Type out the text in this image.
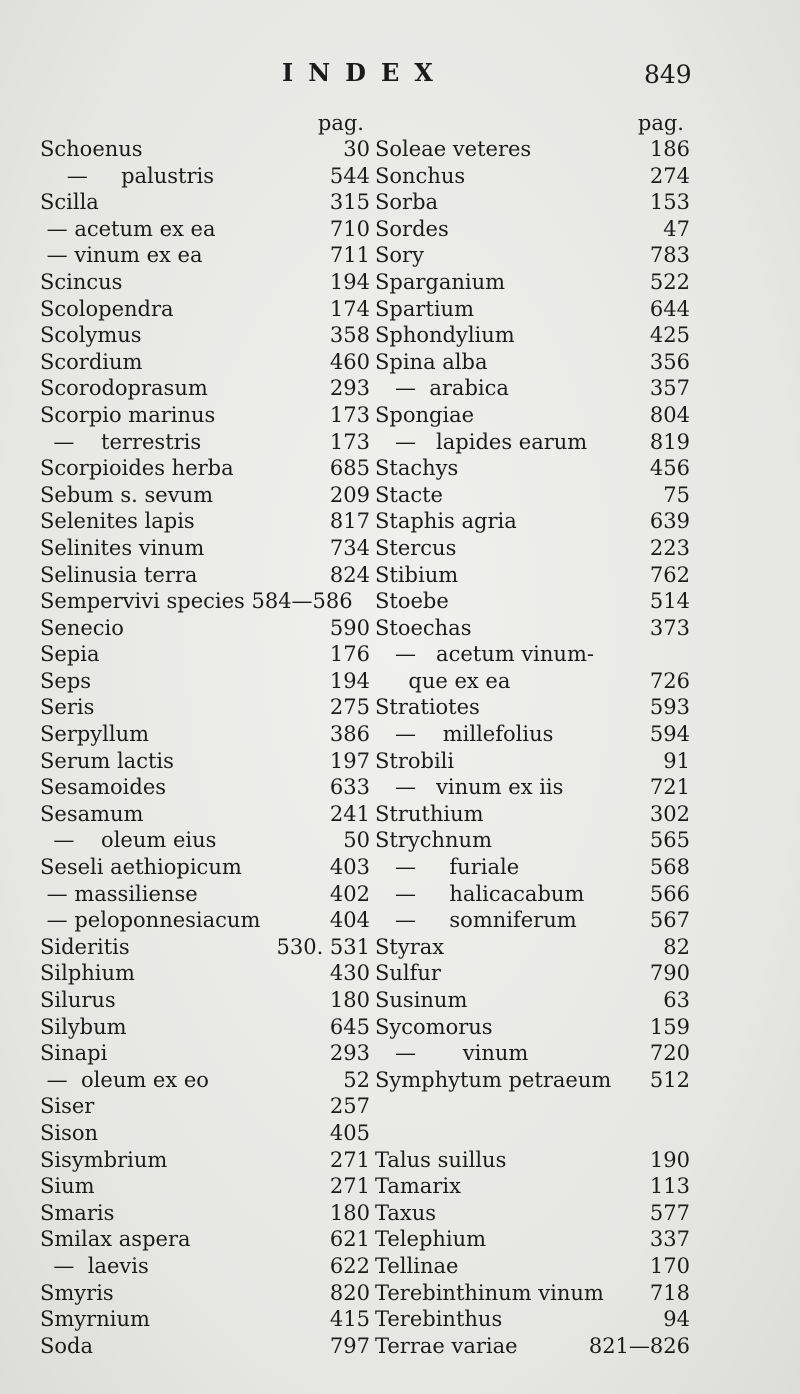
INDEX	849
pag.
Schoenus	30
—     palustris	544
Scilla	315
— acetum ex ea	710
— vinum ex ea	711
Scincus	194
Scolopendra	174
Scolymus	358
Scordium	460
Scorodoprasum	293
Scorpio marinus	173
—    terrestris	173
Scorpioides herba	685
Sebum s. sevum	209
Selenites lapis	817
Selinites vinum	734
Selinusia terra	824
Sempervivi species 584—586
Senecio	590
Sepia	176
Seps	194
Seris	275
Serpyllum	386
Serum lactis	197
Sesamoides	633
Sesamum	241
—    oleum eius	50
Seseli aethiopicum	403
— massiliense	402
— peloponnesiacum	404
Sideritis	530. 531
Silphium	430
Silurus	180
Silybum	645
Sinapi	293
—  oleum ex eo	52
Siser	257
Sison	405
Sisymbrium	271
Sium	271
Smaris	180
Smilax aspera	621
—  laevis	622
Smyris	820
Smyrnium	415
Soda	797
pag.
Soleae veteres	186
Sonchus	274
Sorba	153
Sordes	47
Sory	783
Sparganium	522
Spartium	644
Sphondylium	425
Spina alba	356
—  arabica	357
Spongiae	804
—   lapides earum	819
Stachys	456
Stacte	75
Staphis agria	639
Stercus	223
Stibium	762
Stoebe	514
Stoechas	373
—   acetum vinum-
que ex ea	726
Stratiotes	593
—    millefolius	594
Strobili	91
—   vinum ex iis	721
Struthium	302
Strychnum	565
—     furiale	568
—     halicacabum	566
—     somniferum	567
Styrax	82
Sulfur	790
Susinum	63
Sycomorus	159
—       vinum	720
Symphytum petraeum 512
Talus suillus	190
Tamarix	113
Taxus	577
Telephium	337
Tellinae	170
Terebinthinum vinum 718
Terebinthus	94
Terrae variae	821—826
